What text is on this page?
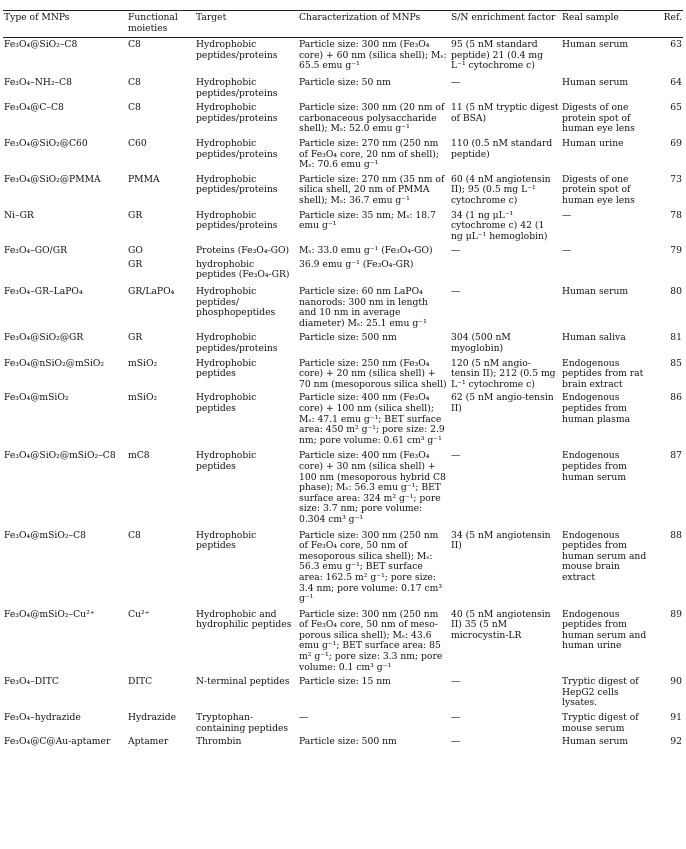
Type of MNPs	Functional moieties	Target	Characterization of MNPs	S/N enrichment factor	Real sample	Ref.

Fe₃O₄@SiO₂–C8	C8	Hydrophobic peptides/proteins	Particle size: 300 nm (Fe₃O₄ core) + 60 nm (silica shell); Mₛ: 65.5 emu g⁻¹	95 (5 nM standard peptide) 21 (0.4 mg L⁻¹ cytochrome c)	Human serum	63
Fe₃O₄–NH₂–C8	C8	Hydrophobic peptides/proteins	Particle size: 50 nm	—	Human serum	64
Fe₃O₄@C–C8	C8	Hydrophobic peptides/proteins	Particle size: 300 nm (20 nm of carbonaceous polysaccharide shell); Mₛ: 52.0 emu g⁻¹	11 (5 nM tryptic digest of BSA)	Digests of one protein spot of human eye lens	65
Fe₃O₄@SiO₂@C60	C60	Hydrophobic peptides/proteins	Particle size: 270 nm (250 nm of Fe₃O₄ core, 20 nm of shell); Mₛ: 70.6 emu g⁻¹	110 (0.5 nM standard peptide)	Human urine	69
Fe₃O₄@SiO₂@PMMA	PMMA	Hydrophobic peptides/proteins	Particle size: 270 nm (35 nm of silica shell, 20 nm of PMMA shell); Mₛ: 36.7 emu g⁻¹	60 (4 nM angiotensin II); 95 (0.5 mg L⁻¹ cytochrome c)	Digests of one protein spot of human eye lens	73
Ni–GR	GR	Hydrophobic peptides/proteins	Particle size: 35 nm; Mₛ: 18.7 emu g⁻¹	34 (1 ng μL⁻¹ cytochrome c) 42 (1 ng μL⁻¹ hemoglobin)	—	78
Fe₃O₄–GO/GR	GO	Proteins (Fe₃O₄-GO)	Mₛ: 33.0 emu g⁻¹ (Fe₃O₄-GO)	—	—	79
	GR	hydrophobic peptides (Fe₃O₄-GR)	36.9 emu g⁻¹ (Fe₃O₄-GR)			
Fe₃O₄–GR–LaPO₄	GR/LaPO₄	Hydrophobic peptides/ phosphopeptides	Particle size: 60 nm LaPO₄ nanorods: 300 nm in length and 10 nm in average diameter) Mₛ: 25.1 emu g⁻¹	—	Human serum	80
Fe₃O₄@SiO₂@GR	GR	Hydrophobic peptides/proteins	Particle size: 500 nm	304 (500 nM myoglobin)	Human saliva	81
Fe₃O₄@nSiO₂@mSiO₂	mSiO₂	Hydrophobic peptides	Particle size: 250 nm (Fe₃O₄ core) + 20 nm (silica shell) + 70 nm (mesoporous silica shell)	120 (5 nM angio-tensin II); 212 (0.5 mg L⁻¹ cytochrome c)	Endogenous peptides from rat brain extract	85
Fe₃O₄@mSiO₂	mSiO₂	Hydrophobic peptides	Particle size: 400 nm (Fe₃O₄ core) + 100 nm (silica shell); Mₛ: 47.1 emu g⁻¹; BET surface area: 450 m² g⁻¹; pore size: 2.9 nm; pore volume: 0.61 cm³ g⁻¹	62 (5 nM angio-tensin II)	Endogenous peptides from human plasma	86
Fe₃O₄@SiO₂@mSiO₂–C8	mC8	Hydrophobic peptides	Particle size: 400 nm (Fe₃O₄ core) + 30 nm (silica shell) + 100 nm (mesoporous hybrid C8 phase); Mₛ: 56.3 emu g⁻¹; BET surface area: 324 m² g⁻¹; pore size: 3.7 nm; pore volume: 0.304 cm³ g⁻¹	—	Endogenous peptides from human serum	87
Fe₃O₄@mSiO₂–C8	C8	Hydrophobic peptides	Particle size: 300 nm (250 nm of Fe₃O₄ core, 50 nm of mesoporous silica shell); Mₛ: 56.3 emu g⁻¹; BET surface area: 162.5 m² g⁻¹; pore size: 3.4 nm; pore volume: 0.17 cm³ g⁻¹	34 (5 nM angiotensin II)	Endogenous peptides from human serum and mouse brain extract	88
Fe₃O₄@mSiO₂–Cu²⁺	Cu²⁺	Hydrophobic and hydrophilic peptides	Particle size: 300 nm (250 nm of Fe₃O₄ core, 50 nm of meso-porous silica shell); Mₛ: 43.6 emu g⁻¹; BET surface area: 85 m² g⁻¹; pore size: 3.3 nm; pore volume: 0.1 cm³ g⁻¹	40 (5 nM angiotensin II) 35 (5 nM microcystin-LR	Endogenous peptides from human serum and human urine	89
Fe₃O₄–DITC	DITC	N-terminal peptides	Particle size: 15 nm	—	Tryptic digest of HepG2 cells lysates.	90
Fe₃O₄–hydrazide	Hydrazide	Tryptophan-containing peptides	—	—	Tryptic digest of mouse serum	91
Fe₃O₄@C@Au-aptamer	Aptamer	Thrombin	Particle size: 500 nm	—	Human serum	92
